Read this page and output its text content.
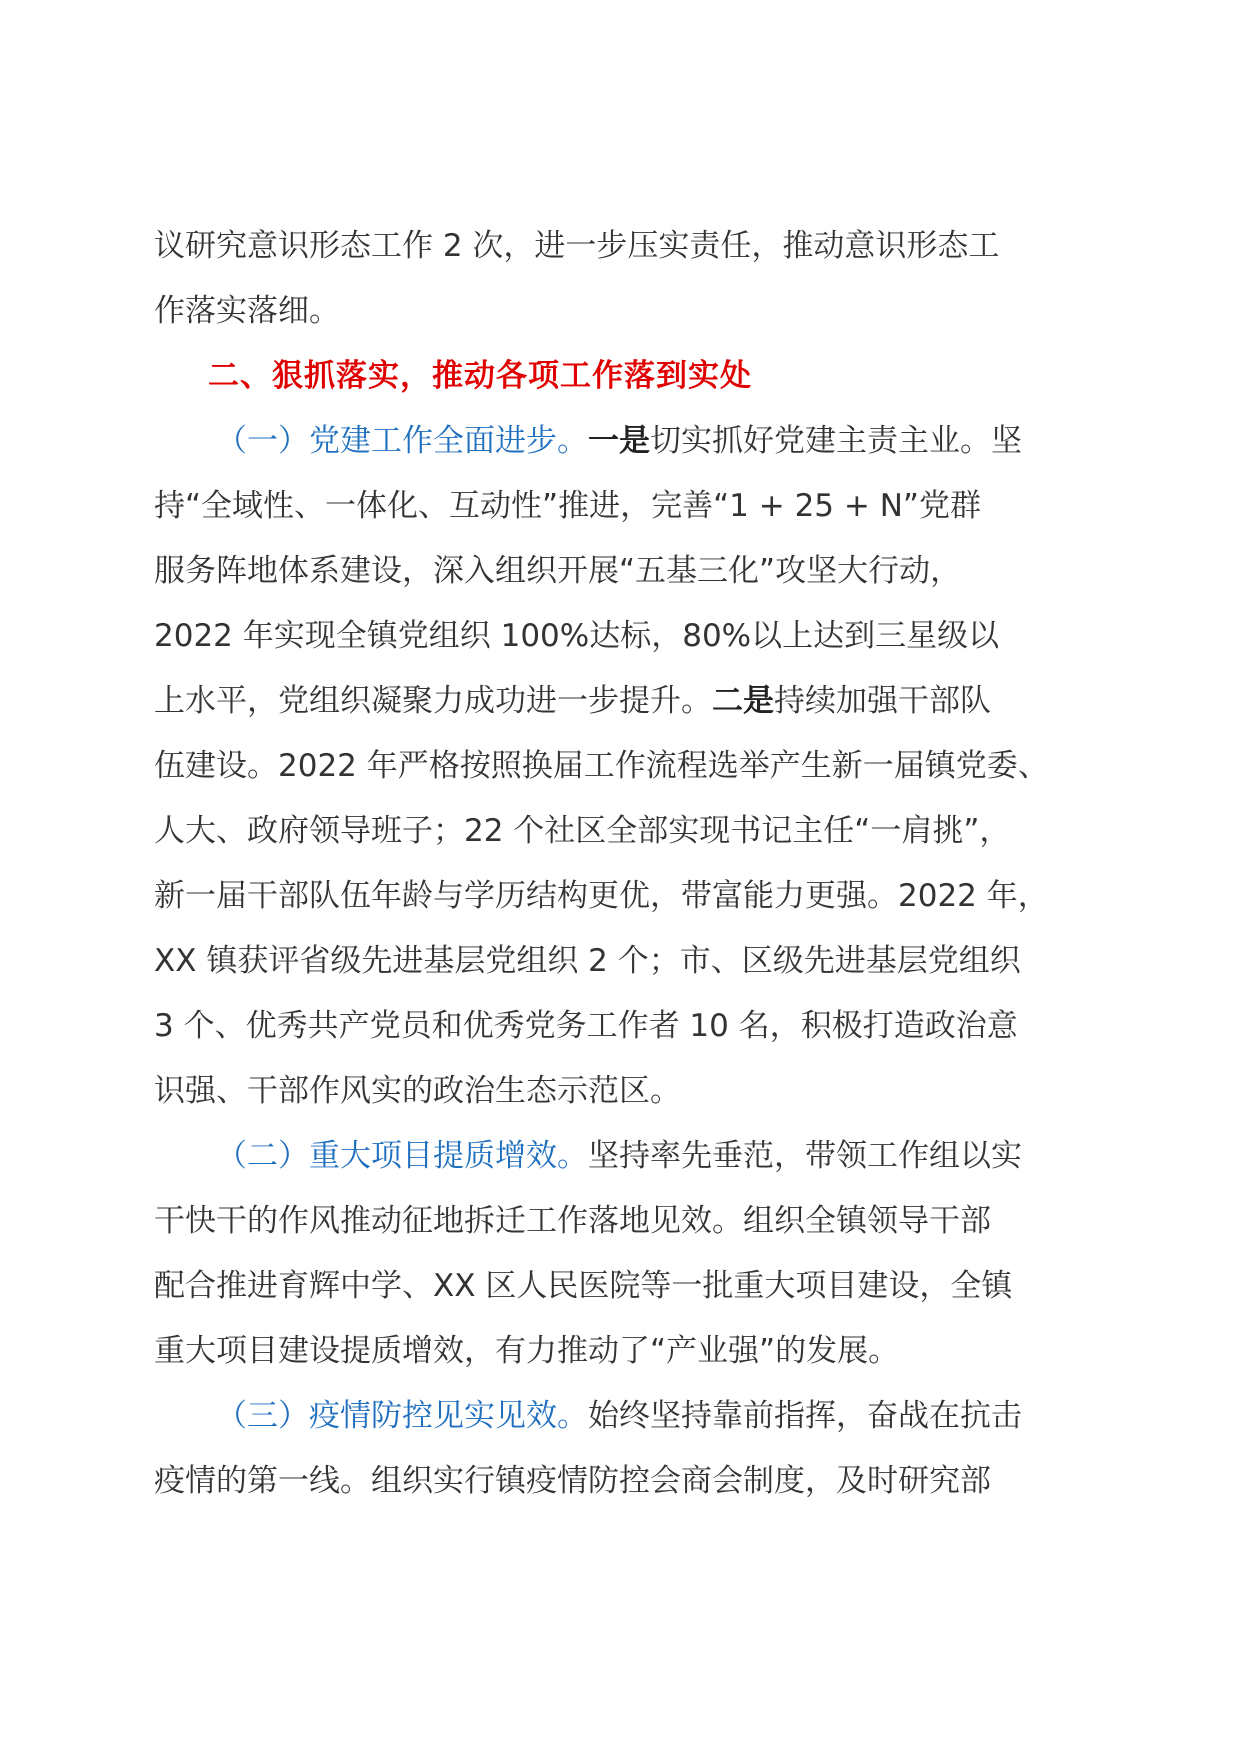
议研究意识形态工作 2 次，进一步压实责任，推动意识形态工
作落实落细。
二、狠抓落实，推动各项工作落到实处
（一）党建工作全面进步。一是切实抓好党建主责主业。坚
持“全域性、一体化、互动性”推进，完善“1 + 25 + N”党群
服务阵地体系建设，深入组织开展“五基三化”攻坚大行动，
2022 年实现全镇党组织 100%达标，80%以上达到三星级以
上水平，党组织凝聚力成功进一步提升。二是持续加强干部队
伍建设。2022 年严格按照换届工作流程选举产生新一届镇党委、
人大、政府领导班子；22 个社区全部实现书记主任“一肩挑”，
新一届干部队伍年龄与学历结构更优，带富能力更强。2022 年，
XX 镇获评省级先进基层党组织 2 个；市、区级先进基层党组织
3 个、优秀共产党员和优秀党务工作者 10 名，积极打造政治意
识强、干部作风实的政治生态示范区。
（二）重大项目提质增效。坚持率先垂范，带领工作组以实
干快干的作风推动征地拆迁工作落地见效。组织全镇领导干部
配合推进育辉中学、XX 区人民医院等一批重大项目建设，全镇
重大项目建设提质增效，有力推动了“产业强”的发展。
（三）疫情防控见实见效。始终坚持靠前指挥，奋战在抗击
疫情的第一线。组织实行镇疫情防控会商会制度，及时研究部
